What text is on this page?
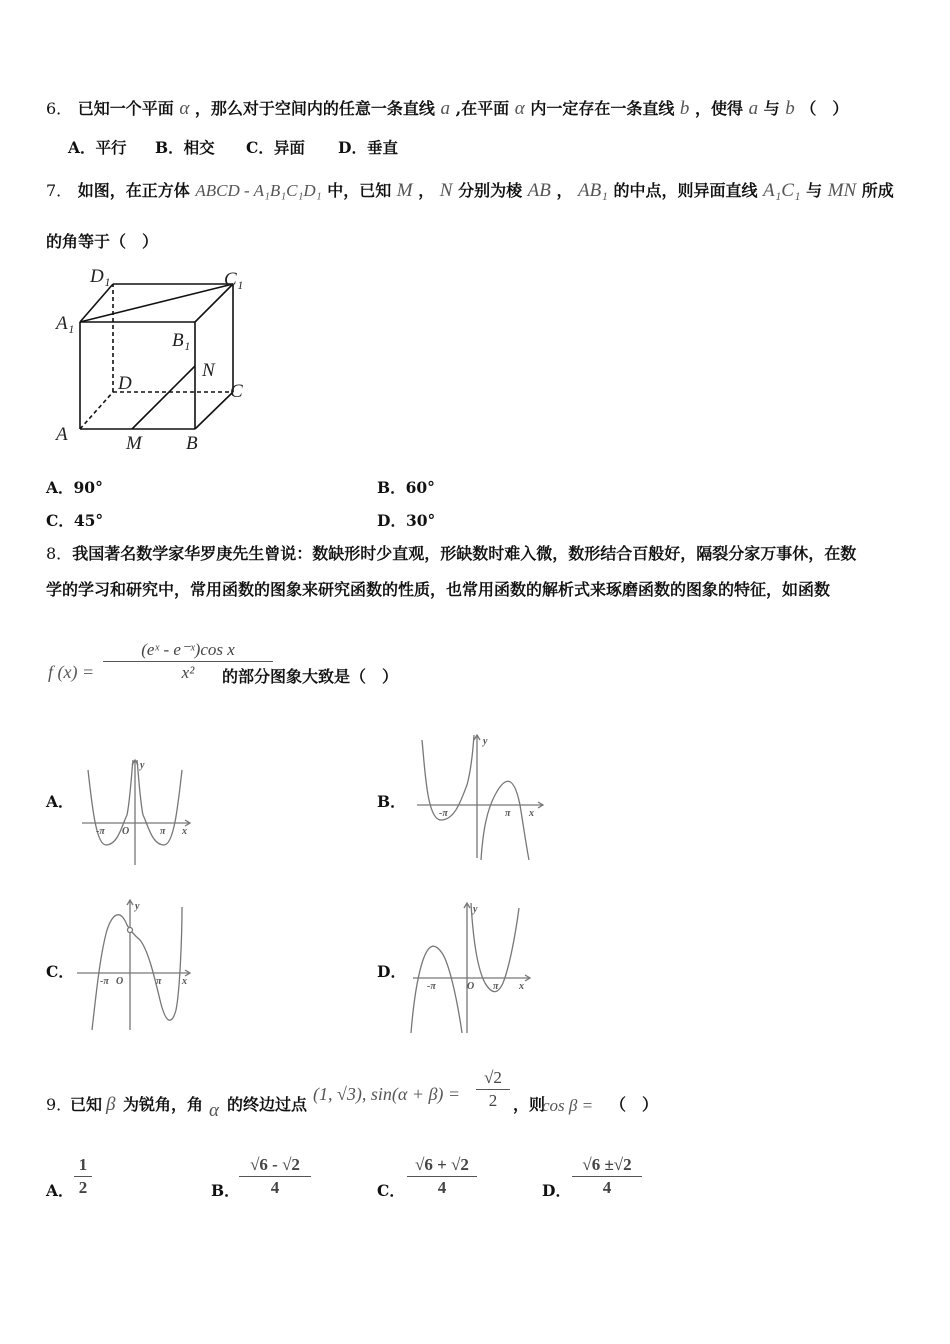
6． 已知一个平面 α ，那么对于空间内的任意一条直线 a ,在平面 α 内一定存在一条直线 b ，使得 a 与 b （　）
A．平行 B．相交 C．异面 D．垂直
7． 如图，在正方体 ABCD - A₁B₁C₁D₁ 中，已知 M ， N 分别为棱 AB ， AB₁ 的中点，则异面直线 A₁C₁ 与 MN 所成
的角等于（　）
D₁	C₁
A₁
B₁
N
D	C
A	M B
A．90°	B．60°
C．45°	D．30°
8．我国著名数学家华罗庚先生曾说：数缺形时少直观，形缺数时难入微，数形结合百般好，隔裂分家万事休，在数
学的学习和研究中，常用函数的图象来研究函数的性质，也常用函数的解析式来琢磨函数的图象的特征，如函数
f (x) =
(eˣ - e⁻ˣ)cos x
x²	的部分图象大致是（　）
A．	B．
C．	D．
y
-π O	π x
y
-π	π x
y
-π O	π x
y
-π	O π x
9．
已知 β 为锐角，角 α 的终边过点
(1, √3), sin(α + β) =
√2
2 ，则
cos β = （　）
A．
1
2	B．
√6 - √2
4	C．
√6 + √2
4	D．
√6 ±√2
4
